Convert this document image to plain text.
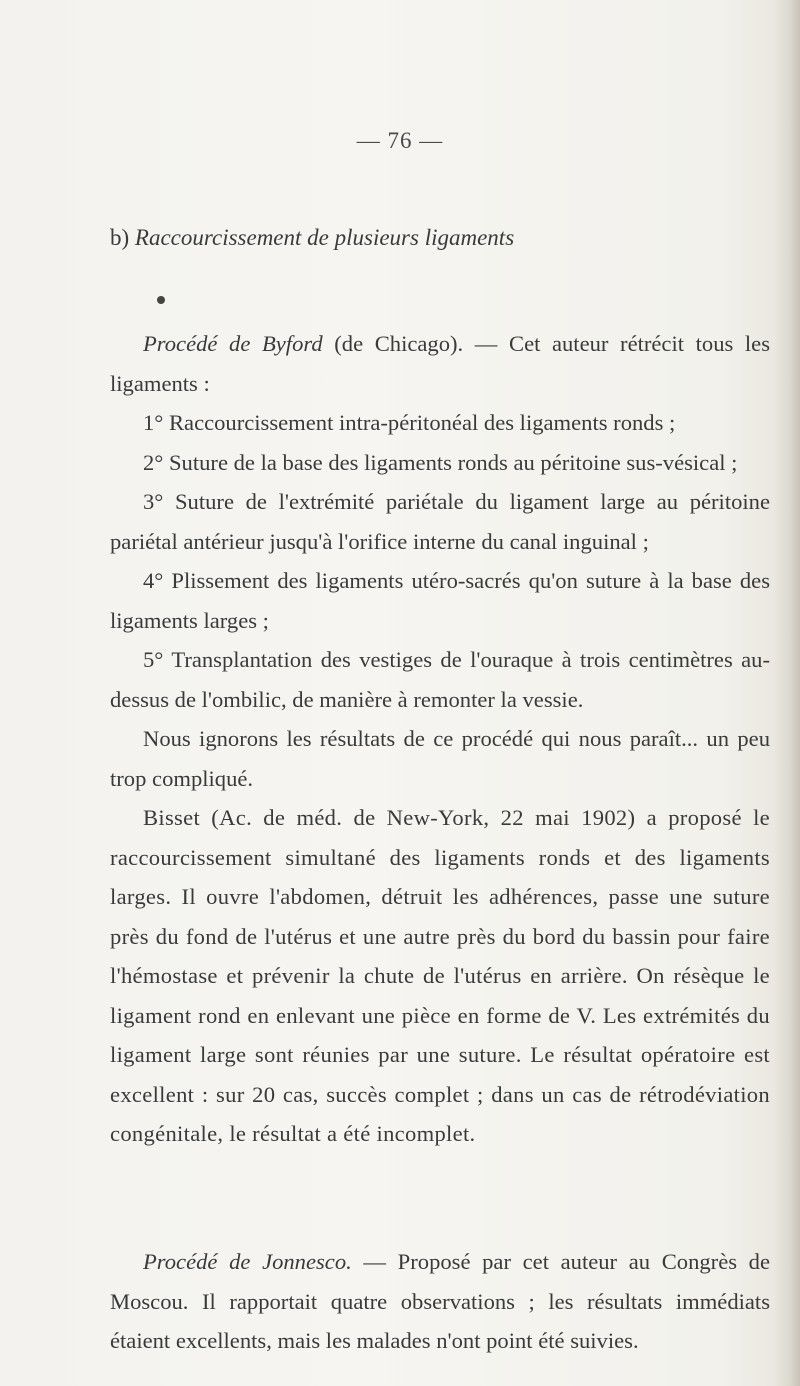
— 76 —
b) Raccourcissement de plusieurs ligaments

Procédé de Byford (de Chicago). — Cet auteur rétrécit tous les ligaments :

1° Raccourcissement intra-péritonéal des ligaments ronds ;

2° Suture de la base des ligaments ronds au péritoine sus-vésical ;

3° Suture de l'extrémité pariétale du ligament large au péritoine pariétal antérieur jusqu'à l'orifice interne du canal inguinal ;

4° Plissement des ligaments utéro-sacrés qu'on suture à la base des ligaments larges ;

5° Transplantation des vestiges de l'ouraque à trois centimètres au-dessus de l'ombilic, de manière à remonter la vessie.

Nous ignorons les résultats de ce procédé qui nous paraît... un peu trop compliqué.

Bisset (Ac. de méd. de New-York, 22 mai 1902) a proposé le raccourcissement simultané des ligaments ronds et des ligaments larges. Il ouvre l'abdomen, détruit les adhérences, passe une suture près du fond de l'utérus et une autre près du bord du bassin pour faire l'hémostase et prévenir la chute de l'utérus en arrière. On résèque le ligament rond en enlevant une pièce en forme de V. Les extrémités du ligament large sont réunies par une suture. Le résultat opératoire est excellent : sur 20 cas, succès complet ; dans un cas de rétrodéviation congénitale, le résultat a été incomplet.

Procédé de Jonnesco. — Proposé par cet auteur au Congrès de Moscou. Il rapportait quatre observations ; les résultats immédiats étaient excellents, mais les malades n'ont point été suivies.
